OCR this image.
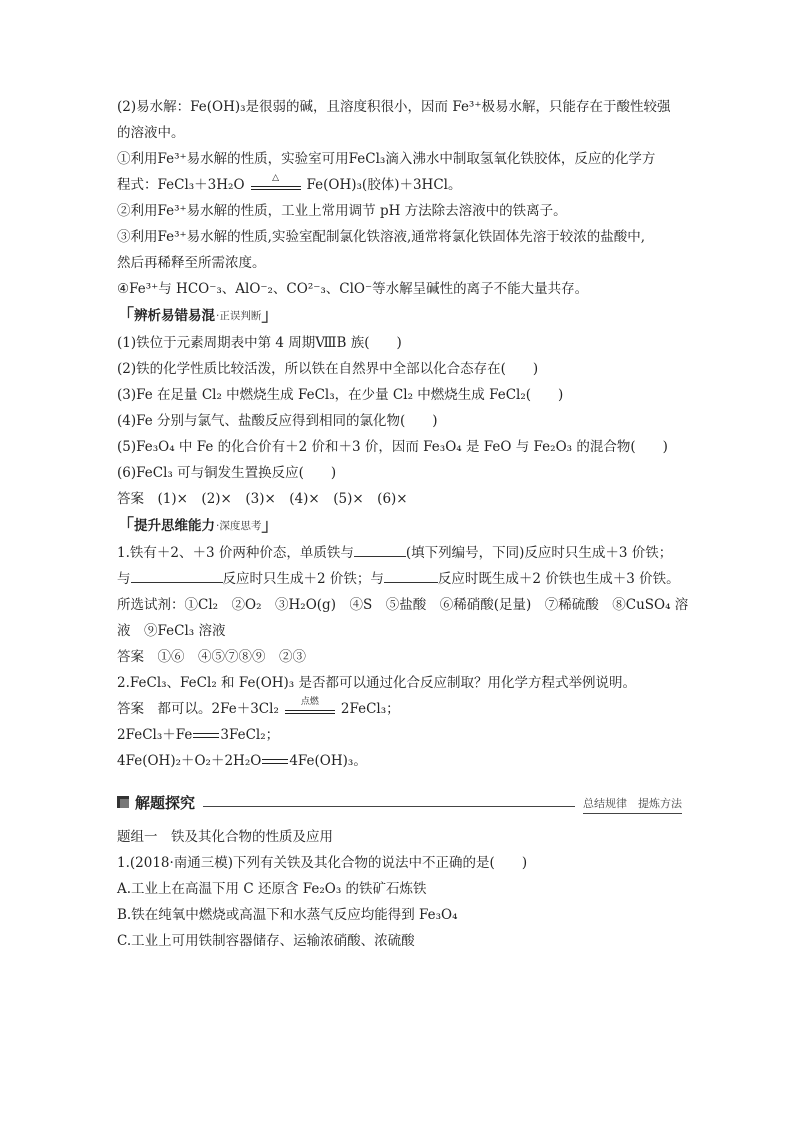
(2)易水解：Fe(OH)₃是很弱的碱，且溶度积很小，因而 Fe³⁺极易水解，只能存在于酸性较强
的溶液中。
①利用Fe³⁺易水解的性质，实验室可用FeCl₃滴入沸水中制取氢氧化铁胶体，反应的化学方
程式：FeCl₃＋3H₂O	△	Fe(OH)₃(胶体)＋3HCl。
②利用Fe³⁺易水解的性质，工业上常用调节 pH 方法除去溶液中的铁离子。
③利用Fe³⁺易水解的性质,实验室配制氯化铁溶液,通常将氯化铁固体先溶于较浓的盐酸中,
然后再稀释至所需浓度。
④Fe³⁺与 HCO⁻₃、AlO⁻₂、CO²⁻₃、ClO⁻等水解呈碱性的离子不能大量共存。
「 辨析易错易混 ·正误判断 」
(1)铁位于元素周期表中第 4 周期ⅧB 族(　　)
(2)铁的化学性质比较活泼，所以铁在自然界中全部以化合态存在(　　)
(3)Fe 在足量 Cl₂ 中燃烧生成 FeCl₃，在少量 Cl₂ 中燃烧生成 FeCl₂(　　)
(4)Fe 分别与氯气、盐酸反应得到相同的氯化物(　　)
(5)Fe₃O₄ 中 Fe 的化合价有＋2 价和＋3 价，因而 Fe₃O₄ 是 FeO 与 Fe₂O₃ 的混合物(　　)
(6)FeCl₃ 可与铜发生置换反应(　　)
答案　(1)×　(2)×　(3)×　(4)×　(5)×　(6)×
「 提升思维能力 ·深度思考 」
1.铁有＋2、＋3 价两种价态，单质铁与	(填下列编号，下同)反应时只生成＋3 价铁；
与	反应时只生成＋2 价铁；与	反应时既生成＋2 价铁也生成＋3 价铁。
所选试剂：①Cl₂　②O₂　③H₂O(g)　④S　⑤盐酸　⑥稀硝酸(足量)　⑦稀硫酸　⑧CuSO₄ 溶
液　⑨FeCl₃ 溶液
答案　①⑥　④⑤⑦⑧⑨　②③
2.FeCl₃、FeCl₂ 和 Fe(OH)₃ 是否都可以通过化合反应制取？用化学方程式举例说明。
答案　都可以。2Fe＋3Cl₂	点燃	2FeCl₃；
2FeCl₃＋Fe 3FeCl₂；
4Fe(OH)₂＋O₂＋2H₂O 4Fe(OH)₃。
解题探究	总结规律　提炼方法
题组一　铁及其化合物的性质及应用
1.(2018·南通三模)下列有关铁及其化合物的说法中不正确的是(　　)
A.工业上在高温下用 C 还原含 Fe₂O₃ 的铁矿石炼铁
B.铁在纯氧中燃烧或高温下和水蒸气反应均能得到 Fe₃O₄
C.工业上可用铁制容器储存、运输浓硝酸、浓硫酸
